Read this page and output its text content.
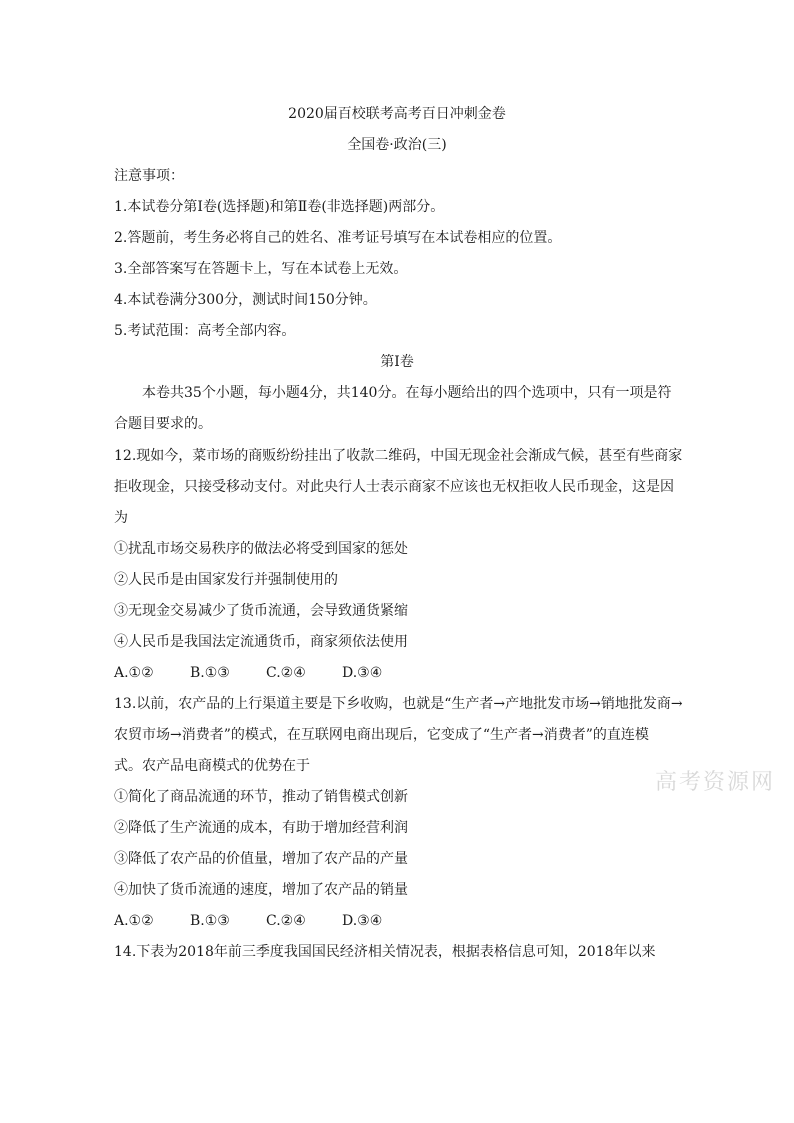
2020届百校联考高考百日冲刺金卷
全国卷·政治(三)
注意事项：
1.本试卷分第Ⅰ卷(选择题)和第Ⅱ卷(非选择题)两部分。
2.答题前，考生务必将自己的姓名、准考证号填写在本试卷相应的位置。
3.全部答案写在答题卡上，写在本试卷上无效。
4.本试卷满分300分，测试时间150分钟。
5.考试范围：高考全部内容。
第Ⅰ卷
本卷共35个小题，每小题4分，共140分。在每小题给出的四个选项中，只有一项是符
合题目要求的。
12.现如今，菜市场的商贩纷纷挂出了收款二维码，中国无现金社会渐成气候，甚至有些商家
拒收现金，只接受移动支付。对此央行人士表示商家不应该也无权拒收人民币现金，这是因
为
①扰乱市场交易秩序的做法必将受到国家的惩处
②人民币是由国家发行并强制使用的
③无现金交易减少了货币流通，会导致通货紧缩
④人民币是我国法定流通货币，商家须依法使用
A.①②	B.①③	C.②④	D.③④
13.以前，农产品的上行渠道主要是下乡收购，也就是“生产者→产地批发市场→销地批发商→
农贸市场→消费者”的模式，在互联网电商出现后，它变成了“生产者→消费者”的直连模
式。农产品电商模式的优势在于
①简化了商品流通的环节，推动了销售模式创新
②降低了生产流通的成本，有助于增加经营利润
③降低了农产品的价值量，增加了农产品的产量
④加快了货币流通的速度，增加了农产品的销量
A.①②	B.①③	C.②④	D.③④
14.下表为2018年前三季度我国国民经济相关情况表，根据表格信息可知，2018年以来
高考资源网
